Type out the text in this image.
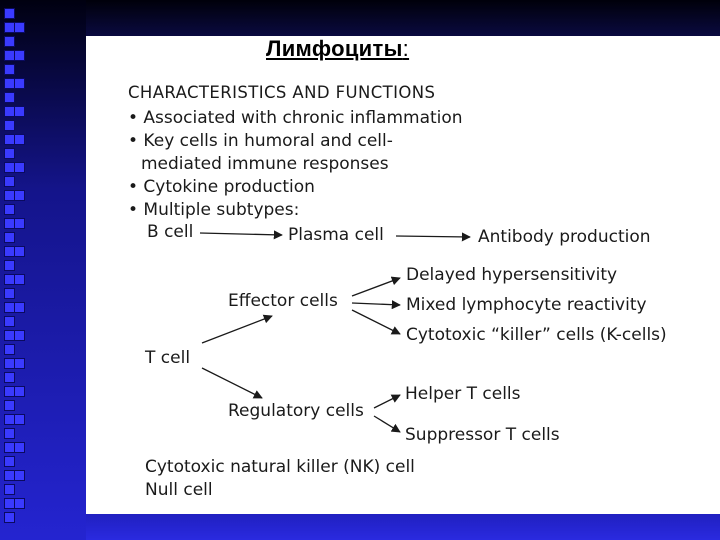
Лимфоциты:
CHARACTERISTICS AND FUNCTIONS
• Associated with chronic inflammation
• Key cells in humoral and cell-
mediated immune responses
• Cytokine production
• Multiple subtypes:
B cell	Plasma cell	Antibody production
Delayed hypersensitivity
Effector cells	Mixed lymphocyte reactivity
Cytotoxic “killer” cells (K-cells)
T cell
Helper T cells
Regulatory cells
Suppressor T cells
Cytotoxic natural killer (NK) cell
Null cell
